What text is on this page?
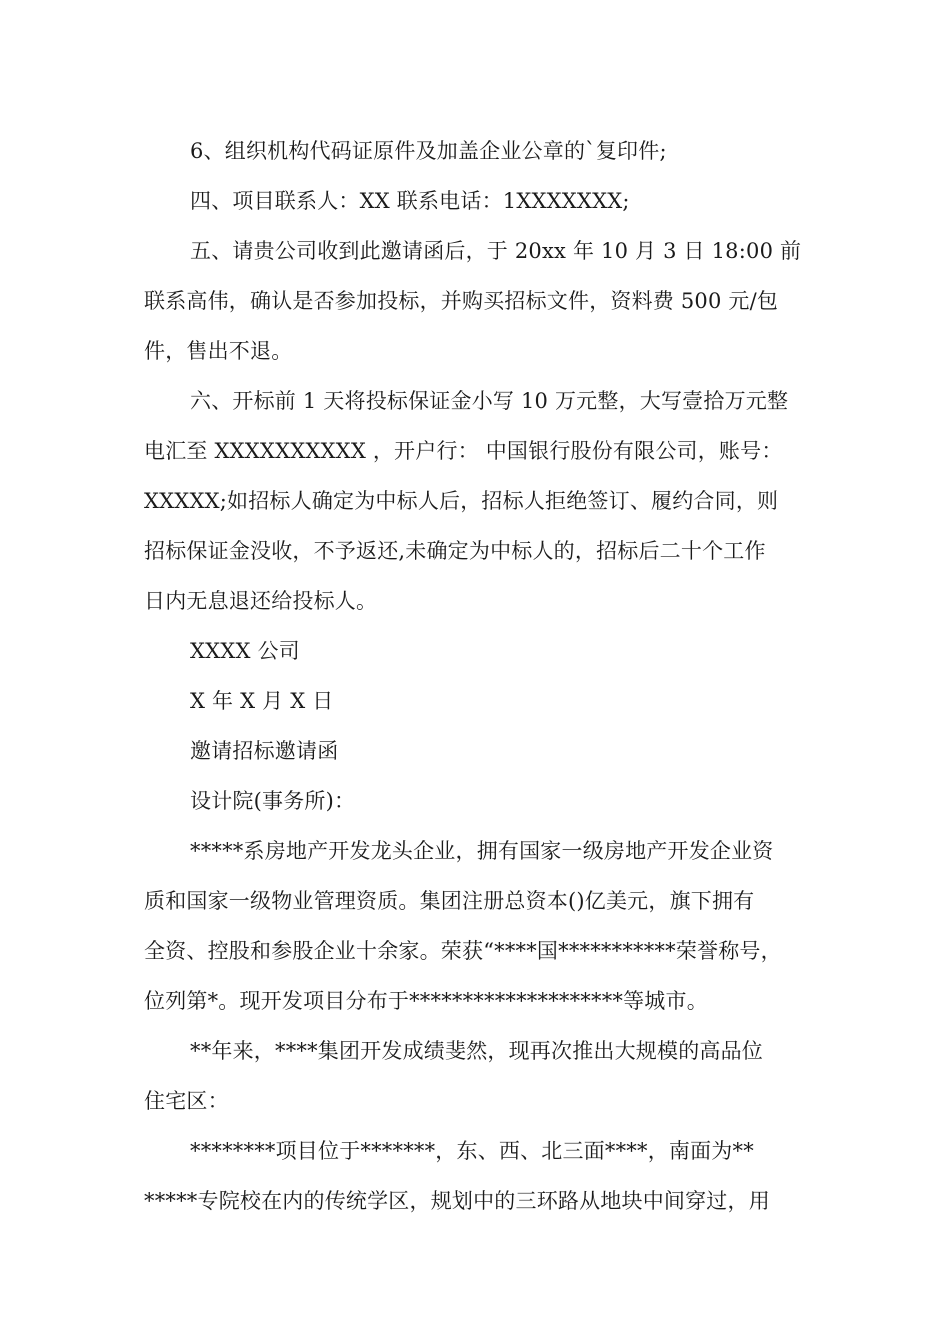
6、组织机构代码证原件及加盖企业公章的`复印件;
四、项目联系人：XX 联系电话：1XXXXXXX;
五、请贵公司收到此邀请函后，于 20xx 年 10 月 3 日 18:00 前
联系高伟，确认是否参加投标，并购买招标文件，资料费 500 元/包
件，售出不退。
六、开标前 1 天将投标保证金小写 10 万元整，大写壹拾万元整
电汇至 XXXXXXXXXX ，开户行： 中国银行股份有限公司，账号：
XXXXX;如招标人确定为中标人后，招标人拒绝签订、履约合同，则
招标保证金没收，不予返还,未确定为中标人的，招标后二十个工作
日内无息退还给投标人。
XXXX 公司
X 年 X 月 X 日
邀请招标邀请函
设计院(事务所)：
*****系房地产开发龙头企业，拥有国家一级房地产开发企业资
质和国家一级物业管理资质。集团注册总资本()亿美元，旗下拥有
全资、控股和参股企业十余家。荣获“****国***********荣誉称号，
位列第*。现开发项目分布于********************等城市。
**年来，****集团开发成绩斐然，现再次推出大规模的高品位
住宅区：
********项目位于*******，东、西、北三面****，南面为**
*****专院校在内的传统学区，规划中的三环路从地块中间穿过，用
